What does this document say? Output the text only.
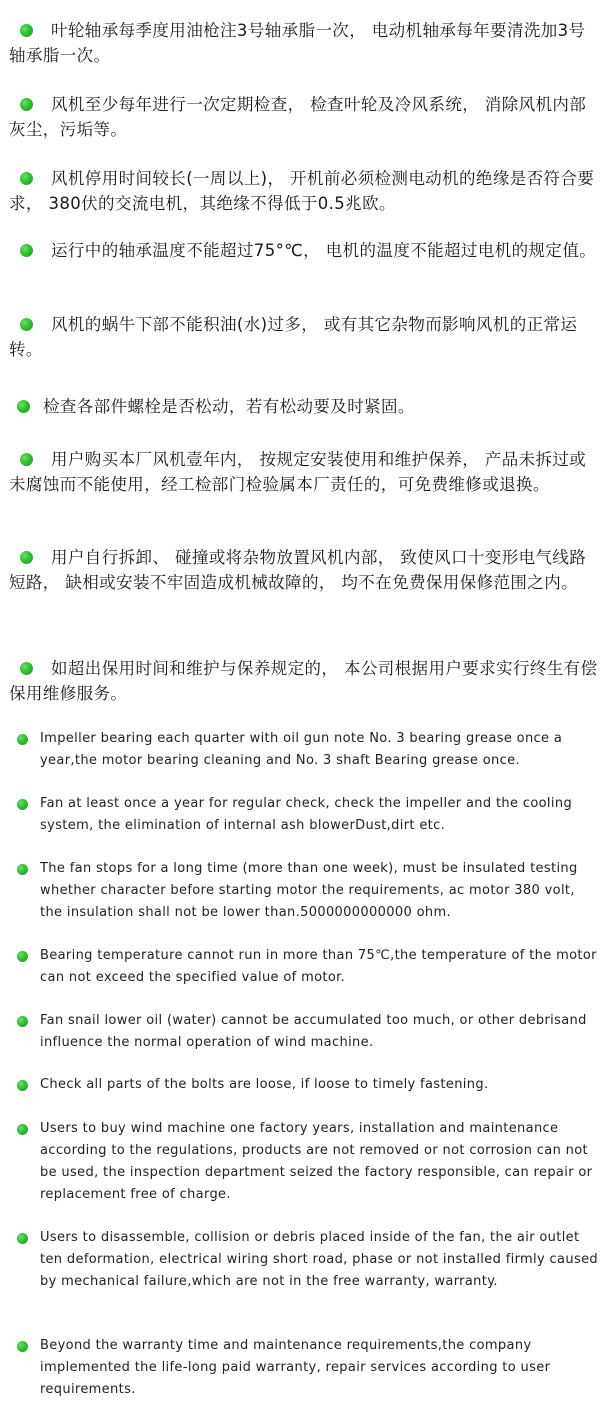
叶轮轴承每季度用油枪注3号轴承脂一次， 电动机轴承每年要清洗加3号轴承脂一次。

风机至少每年进行一次定期检查， 检查叶轮及冷风系统， 消除风机内部灰尘，污垢等。

风机停用时间较长(一周以上)， 开机前必须检测电动机的绝缘是否符合要求， 380伏的交流电机，其绝缘不得低于0.5兆欧。

运行中的轴承温度不能超过75°℃， 电机的温度不能超过电机的规定值。

风机的蜗牛下部不能积油(水)过多， 或有其它杂物而影响风机的正常运转。

检查各部件螺栓是否松动，若有松动要及时紧固。

用户购买本厂风机壹年内， 按规定安装使用和维护保养， 产品未拆过或未腐蚀而不能使用，经工检部门检验属本厂责任的，可免费维修或退换。

用户自行拆卸、 碰撞或将杂物放置风机内部， 致使风口十变形电气线路短路， 缺相或安装不牢固造成机械故障的， 均不在免费保用保修范围之内。

如超出保用时间和维护与保养规定的， 本公司根据用户要求实行终生有偿保用维修服务。

Impeller bearing each quarter with oil gun note No. 3 bearing grease once a year,the motor bearing cleaning and No. 3 shaft Bearing grease once.

Fan at least once a year for regular check, check the impeller and the cooling system, the elimination of internal ash blowerDust,dirt etc.

The fan stops for a long time (more than one week), must be insulated testing whether character before starting motor the requirements, ac motor 380 volt, the insulation shall not be lower than.5000000000000 ohm.

Bearing temperature cannot run in more than 75℃,the temperature of the motor can not exceed the specified value of motor.

Fan snail lower oil (water) cannot be accumulated too much, or other debrisand influence the normal operation of wind machine.

Check all parts of the bolts are loose, if loose to timely fastening.

Users to buy wind machine one factory years, installation and maintenance according to the regulations, products are not removed or not corrosion can not be used, the inspection department seized the factory responsible, can repair or replacement free of charge.

Users to disassemble, collision or debris placed inside of the fan, the air outlet ten deformation, electrical wiring short road, phase or not installed firmly caused by mechanical failure,which are not in the free warranty, warranty.

Beyond the warranty time and maintenance requirements,the company implemented the life-long paid warranty, repair services according to user requirements.
